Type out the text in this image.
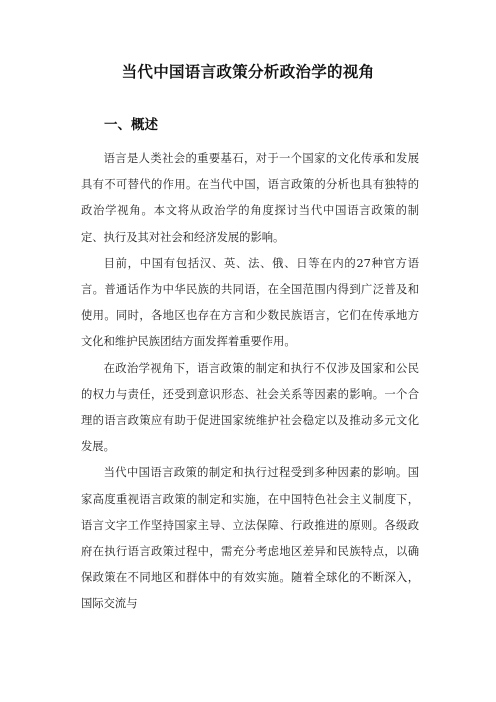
当代中国语言政策分析政治学的视角
一、概述

语言是人类社会的重要基石，对于一个国家的文化传承和发展具有不可替代的作用。在当代中国，语言政策的分析也具有独特的政治学视角。本文将从政治学的角度探讨当代中国语言政策的制定、执行及其对社会和经济发展的影响。

目前，中国有包括汉、英、法、俄、日等在内的27种官方语言。普通话作为中华民族的共同语，在全国范围内得到广泛普及和使用。同时，各地区也存在方言和少数民族语言，它们在传承地方文化和维护民族团结方面发挥着重要作用。

在政治学视角下，语言政策的制定和执行不仅涉及国家和公民的权力与责任，还受到意识形态、社会关系等因素的影响。一个合理的语言政策应有助于促进国家统维护社会稳定以及推动多元文化发展。

当代中国语言政策的制定和执行过程受到多种因素的影响。国家高度重视语言政策的制定和实施，在中国特色社会主义制度下，语言文字工作坚持国家主导、立法保障、行政推进的原则。各级政府在执行语言政策过程中，需充分考虑地区差异和民族特点，以确保政策在不同地区和群体中的有效实施。随着全球化的不断深入，国际交流与
